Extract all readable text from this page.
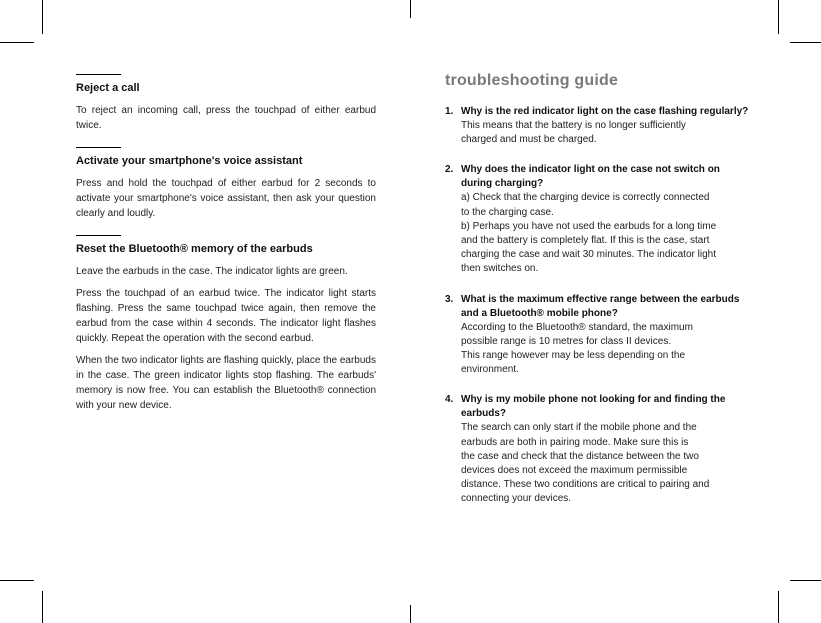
Reject a call

To reject an incoming call, press the touchpad of either earbud twice.

Activate your smartphone's voice assistant

Press and hold the touchpad of either earbud for 2 seconds to activate your smartphone's voice assistant, then ask your question clearly and loudly.

Reset the Bluetooth® memory of the earbuds

Leave the earbuds in the case. The indicator lights are green.

Press the touchpad of an earbud twice. The indicator light starts flashing. Press the same touchpad twice again, then remove the earbud from the case within 4 seconds. The indicator light flashes quickly. Repeat the operation with the second earbud.

When the two indicator lights are flashing quickly, place the earbuds in the case. The green indicator lights stop flashing. The earbuds' memory is now free. You can establish the Bluetooth® connection with your new device.

troubleshooting guide
1. Why is the red indicator light on the case flashing regularly?
This means that the battery is no longer sufficiently
charged and must be charged.
2. Why does the indicator light on the case not switch on during charging?
a) Check that the charging device is correctly connected
to the charging case.
b) Perhaps you have not used the earbuds for a long time
and the battery is completely flat. If this is the case, start
charging the case and wait 30 minutes. The indicator light
then switches on.
3. What is the maximum effective range between the earbuds and a Bluetooth® mobile phone?
According to the Bluetooth® standard, the maximum
possible range is 10 metres for class II devices.
This range however may be less depending on the
environment.
4. Why is my mobile phone not looking for and finding the earbuds?
The search can only start if the mobile phone and the
earbuds are both in pairing mode. Make sure this is
the case and check that the distance between the two
devices does not exceed the maximum permissible
distance. These two conditions are critical to pairing and
connecting your devices.
